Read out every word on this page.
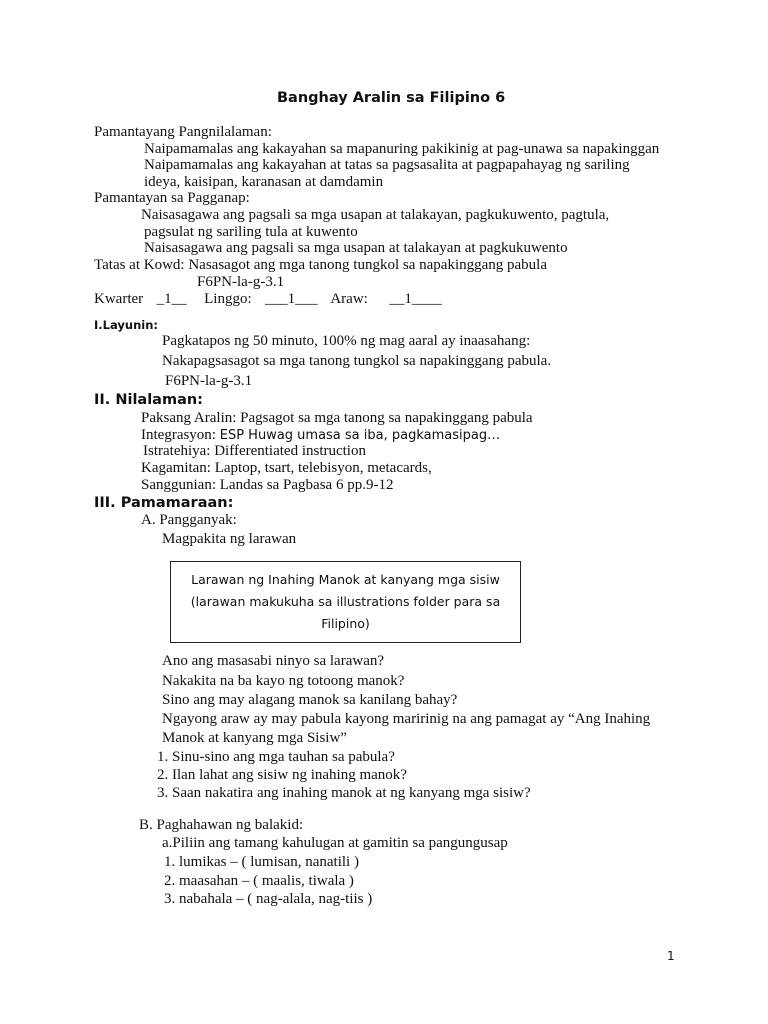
Banghay Aralin sa Filipino 6
Pamantayang Pangnilalaman:
Naipamamalas ang kakayahan sa mapanuring pakikinig at pag-unawa sa napakinggan
Naipamamalas ang kakayahan at tatas sa pagsasalita at pagpapahayag ng sariling
ideya, kaisipan, karanasan at damdamin
Pamantayan sa Pagganap:
Naisasagawa ang pagsali sa mga usapan at talakayan, pagkukuwento, pagtula,
pagsulat ng sariling tula at kuwento
Naisasagawa ang pagsali sa mga usapan at talakayan at pagkukuwento
Tatas at Kowd: Nasasagot ang mga tanong tungkol sa napakinggang pabula
F6PN-la-g-3.1
Kwarter _1__ Linggo: ___1___ Araw: __1____
I.Layunin:
Pagkatapos ng 50 minuto, 100% ng mag aaral ay inaasahang:
Nakapagsasagot sa mga tanong tungkol sa napakinggang pabula.
F6PN-la-g-3.1
II. Nilalaman:
Paksang Aralin: Pagsagot sa mga tanong sa napakinggang pabula
Integrasyon: ESP Huwag umasa sa iba, pagkamasipag…
Istratehiya: Differentiated instruction
Kagamitan: Laptop, tsart, telebisyon, metacards,
Sanggunian: Landas sa Pagbasa 6 pp.9-12
III. Pamamaraan:
A. Pangganyak:
Magpakita ng larawan
Larawan ng Inahing Manok at kanyang mga sisiw
(larawan makukuha sa illustrations folder para sa
Filipino)
Ano ang masasabi ninyo sa larawan?
Nakakita na ba kayo ng totoong manok?
Sino ang may alagang manok sa kanilang bahay?
Ngayong araw ay may pabula kayong maririnig na ang pamagat ay “Ang Inahing
Manok at kanyang mga Sisiw”
1. Sinu-sino ang mga tauhan sa pabula?
2. Ilan lahat ang sisiw ng inahing manok?
3. Saan nakatira ang inahing manok at ng kanyang mga sisiw?
B. Paghahawan ng balakid:
a.Piliin ang tamang kahulugan at gamitin sa pangungusap
1. lumikas – ( lumisan, nanatili )
2. maasahan – ( maalis, tiwala )
3. nabahala – ( nag-alala, nag-tiis )
1
